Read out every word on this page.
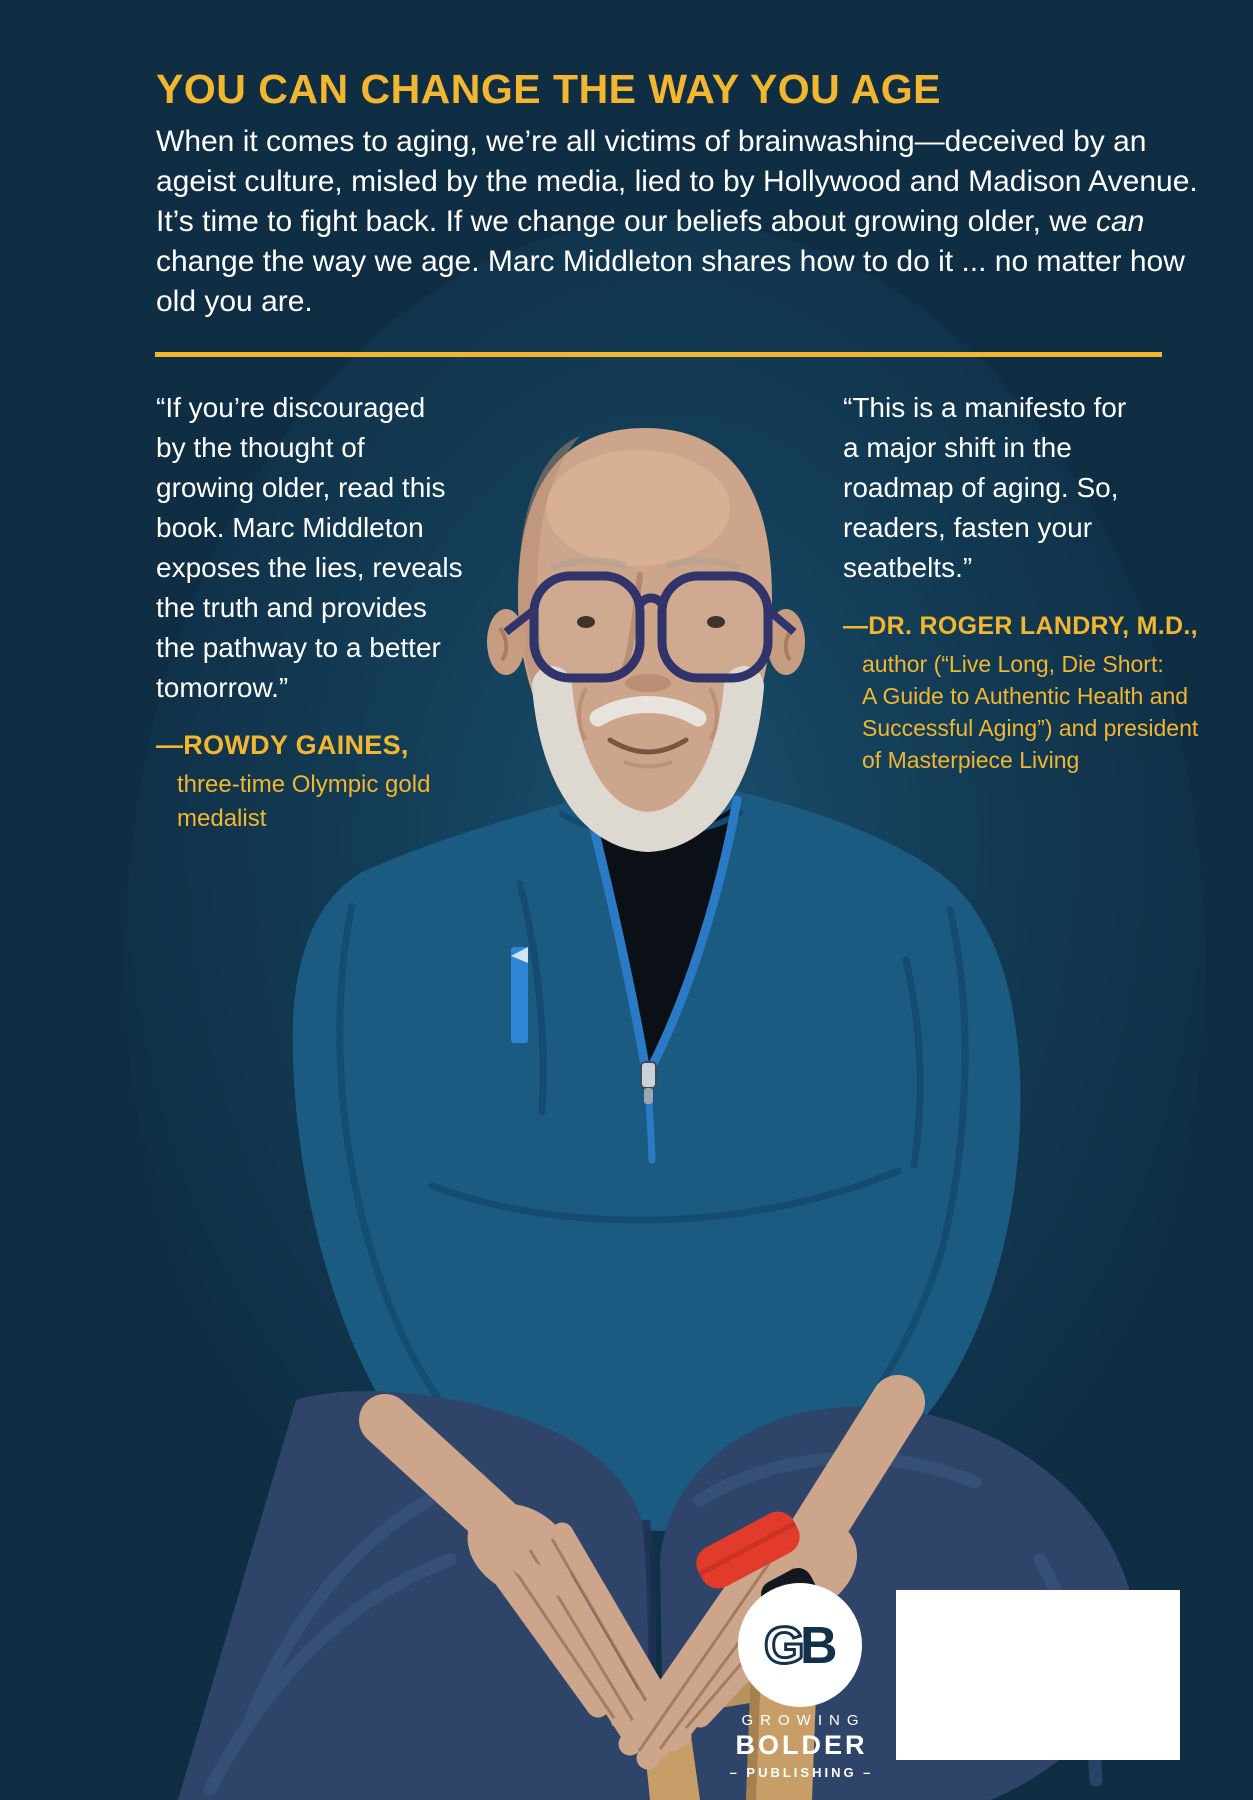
YOU CAN CHANGE THE WAY YOU AGE
When it comes to aging, we’re all victims of brainwashing—deceived by an ageist culture, misled by the media, lied to by Hollywood and Madison Avenue. It’s time to fight back. If we change our beliefs about growing older, we can change the way we age. Marc Middleton shares how to do it ... no matter how old you are.
“If you’re discouraged
by the thought of
growing older, read this
book. Marc Middleton
exposes the lies, reveals
the truth and provides
the pathway to a better
tomorrow.”
—ROWDY GAINES,
three-time Olympic gold
medalist
“This is a manifesto for
a major shift in the
roadmap of aging. So,
readers, fasten your
seatbelts.”
—DR. ROGER LANDRY, M.D.,
author (“Live Long, Die Short:
A Guide to Authentic Health and
Successful Aging”) and president
of Masterpiece Living
G
B
GROWING
BOLDER
– PUBLISHING –
